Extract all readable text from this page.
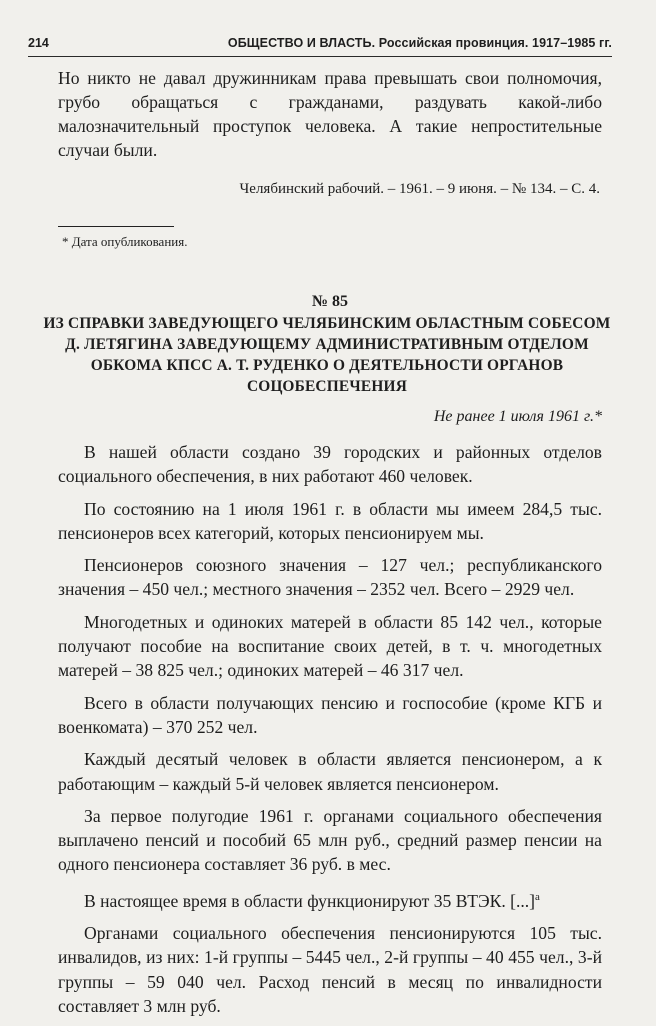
214	ОБЩЕСТВО И ВЛАСТЬ. Российская провинция. 1917–1985 гг.
Но никто не давал дружинникам права превышать свои полномочия, грубо обращаться с гражданами, раздувать какой-либо малозначительный проступок человека. А такие непростительные случаи были.
Челябинский рабочий. – 1961. – 9 июня. – № 134. – С. 4.
* Дата опубликования.
№ 85
ИЗ СПРАВКИ ЗАВЕДУЮЩЕГО ЧЕЛЯБИНСКИМ ОБЛАСТНЫМ СОБЕСОМ Д. ЛЕТЯГИНА ЗАВЕДУЮЩЕМУ АДМИНИСТРАТИВНЫМ ОТДЕЛОМ ОБКОМА КПСС А. Т. РУДЕНКО О ДЕЯТЕЛЬНОСТИ ОРГАНОВ СОЦОБЕСПЕЧЕНИЯ
Не ранее 1 июля 1961 г.*

В нашей области создано 39 городских и районных отделов социального обеспечения, в них работают 460 человек.

По состоянию на 1 июля 1961 г. в области мы имеем 284,5 тыс. пенсионеров всех категорий, которых пенсионируем мы.

Пенсионеров союзного значения – 127 чел.; республиканского значения – 450 чел.; местного значения – 2352 чел. Всего – 2929 чел.

Многодетных и одиноких матерей в области 85 142 чел., которые получают пособие на воспитание своих детей, в т. ч. многодетных матерей – 38 825 чел.; одиноких матерей – 46 317 чел.

Всего в области получающих пенсию и госпособие (кроме КГБ и военкомата) – 370 252 чел.

Каждый десятый человек в области является пенсионером, а к работающим – каждый 5-й человек является пенсионером.

За первое полугодие 1961 г. органами социального обеспечения выплачено пенсий и пособий 65 млн руб., средний размер пенсии на одного пенсионера составляет 36 руб. в мес.

В настоящее время в области функционируют 35 ВТЭК. [...]$^а$

Органами социального обеспечения пенсионируются 105 тыс. инвалидов, из них: 1-й группы – 5445 чел., 2-й группы – 40 455 чел., 3-й группы – 59 040 чел. Расход пенсий в месяц по инвалидности составляет 3 млн руб.
